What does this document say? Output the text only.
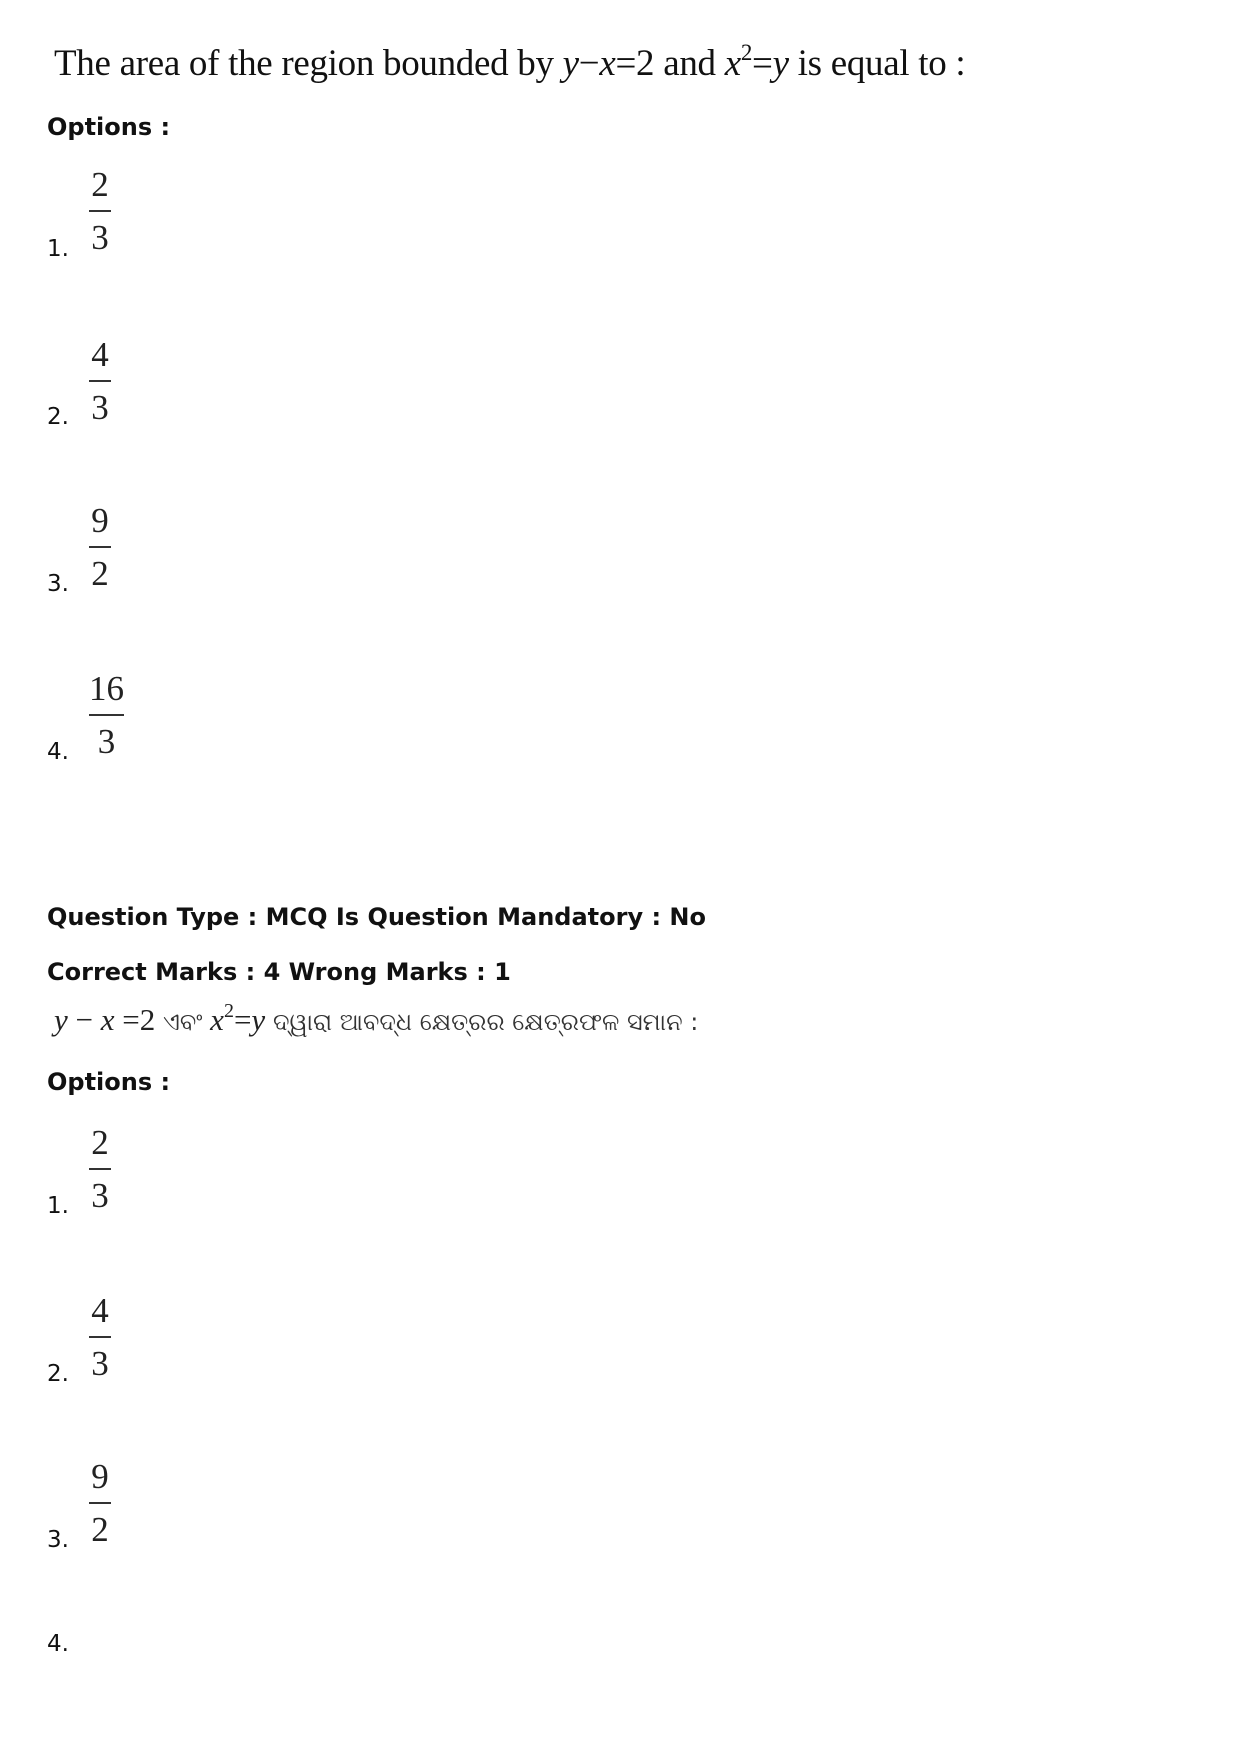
The area of the region bounded by y−x=2 and $x^2=y$ is equal to :
Options :
1.
2
3
2.
4
3
3.
9
2
4.
16
3
Question Type : MCQ Is Question Mandatory : No
Correct Marks : 4 Wrong Marks : 1
y − x =2 ଏବଂ $x^2=y$ ଦ୍ୱାରା ଆବଦ୍ଧ କ୍ଷେତ୍ରର କ୍ଷେତ୍ରଫଳ ସମାନ :
Options :
1.
2
3
2.
4
3
3.
9
2
4.
